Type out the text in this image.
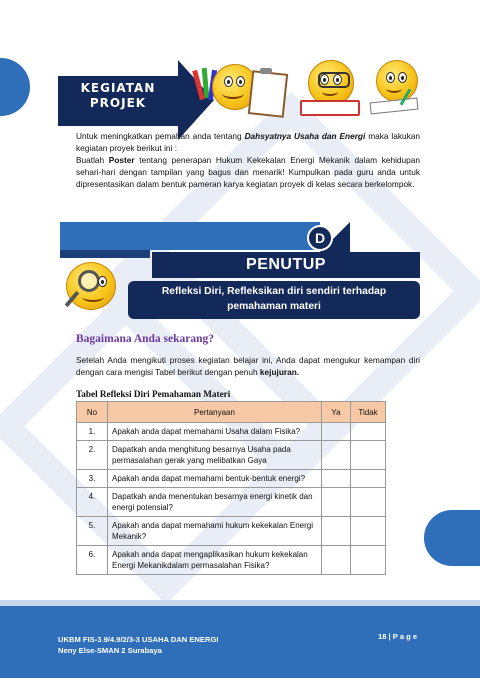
KEGIATAN
PROJEK

Untuk meningkatkan pemahan anda tentang Dahsyatnya Usaha dan Energi maka lakukan kegiatan proyek berikut ini :

Buatlah Poster tentang penerapan Hukum Kekekalan Energi Mekanik dalam kehidupan sehari-hari dengan tampilan yang bagus dan menarik! Kumpulkan pada guru anda untuk dipresentasikan dalam bentuk pameran karya kegiatan proyek di kelas secara berkelompok.

D
PENUTUP
Refleksi Diri, Refleksikan diri sendiri terhadap
pemahaman materi
Bagaimana Anda sekarang?

Setelah Anda mengikuti proses kegiatan belajar ini, Anda dapat mengukur kemampan diri dengan cara mengisi Tabel berikut dengan penuh kejujuran.

Tabel Refleksi Diri Pemahaman Materi
No	Pertanyaan	Ya	Tidak
1.	Apakah anda dapat memahami Usaha dalam Fisika?		
2.	Dapatkah anda menghitung besarnya Usaha pada permasalahan gerak yang melibatkan Gaya		
3.	Apakah anda dapat memahami bentuk-bentuk energi?		
4.	Dapatkah anda menentukan besarnya energi kinetik dan energi potensial?		
5.	Apakah anda dapat memahami hukum kekekalan Energi Mekanik?		
6.	Apakah anda dapat mengaplikasikan hukum kekekalan Energi Mekanikdalam permasalahan Fisika?		
UKBM FIS-3.9/4.9/2/3-3 USAHA DAN ENERGI
Neny Else-SMAN 2 Surabaya
18 | P a g e
